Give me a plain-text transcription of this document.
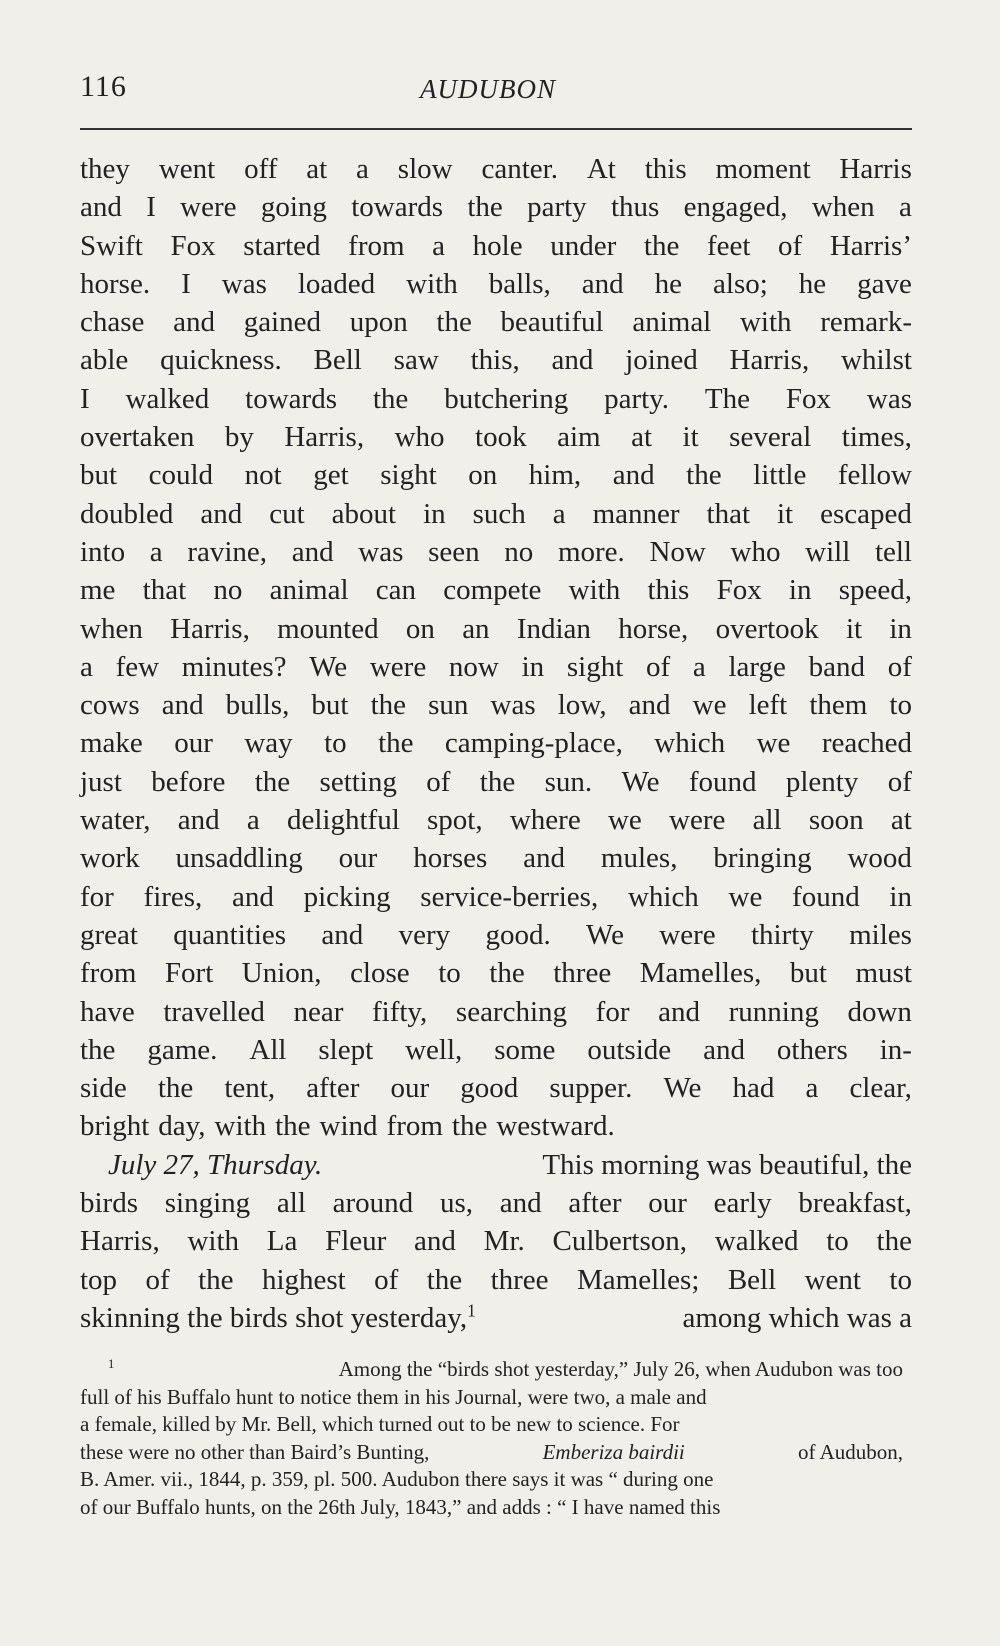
116	AUDUBON
they went off at a slow canter. At this moment Harris
and I were going towards the party thus engaged, when a
Swift Fox started from a hole under the feet of Harris’
horse. I was loaded with balls, and he also; he gave
chase and gained upon the beautiful animal with remark-
able quickness. Bell saw this, and joined Harris, whilst
I walked towards the butchering party. The Fox was
overtaken by Harris, who took aim at it several times,
but could not get sight on him, and the little fellow
doubled and cut about in such a manner that it escaped
into a ravine, and was seen no more. Now who will tell
me that no animal can compete with this Fox in speed,
when Harris, mounted on an Indian horse, overtook it in
a few minutes? We were now in sight of a large band of
cows and bulls, but the sun was low, and we left them to
make our way to the camping-place, which we reached
just before the setting of the sun. We found plenty of
water, and a delightful spot, where we were all soon at
work unsaddling our horses and mules, bringing wood
for fires, and picking service-berries, which we found in
great quantities and very good. We were thirty miles
from Fort Union, close to the three Mamelles, but must
have travelled near fifty, searching for and running down
the game. All slept well, some outside and others in-
side the tent, after our good supper. We had a clear,
bright day, with the wind from the westward.
July 27, Thursday.	This morning was beautiful, the
birds singing all around us, and after our early breakfast,
Harris, with La Fleur and Mr. Culbertson, walked to the
top of the highest of the three Mamelles; Bell went to
skinning the birds shot yesterday,$^1$	among which was a
$^1$	Among the “birds shot yesterday,” July 26, when Audubon was too
full of his Buffalo hunt to notice them in his Journal, were two, a male and
a female, killed by Mr. Bell, which turned out to be new to science. For
these were no other than Baird’s Bunting,	Emberiza bairdii	of Audubon,
B. Amer. vii., 1844, p. 359, pl. 500. Audubon there says it was “ during one
of our Buffalo hunts, on the 26th July, 1843,” and adds : “ I have named this
